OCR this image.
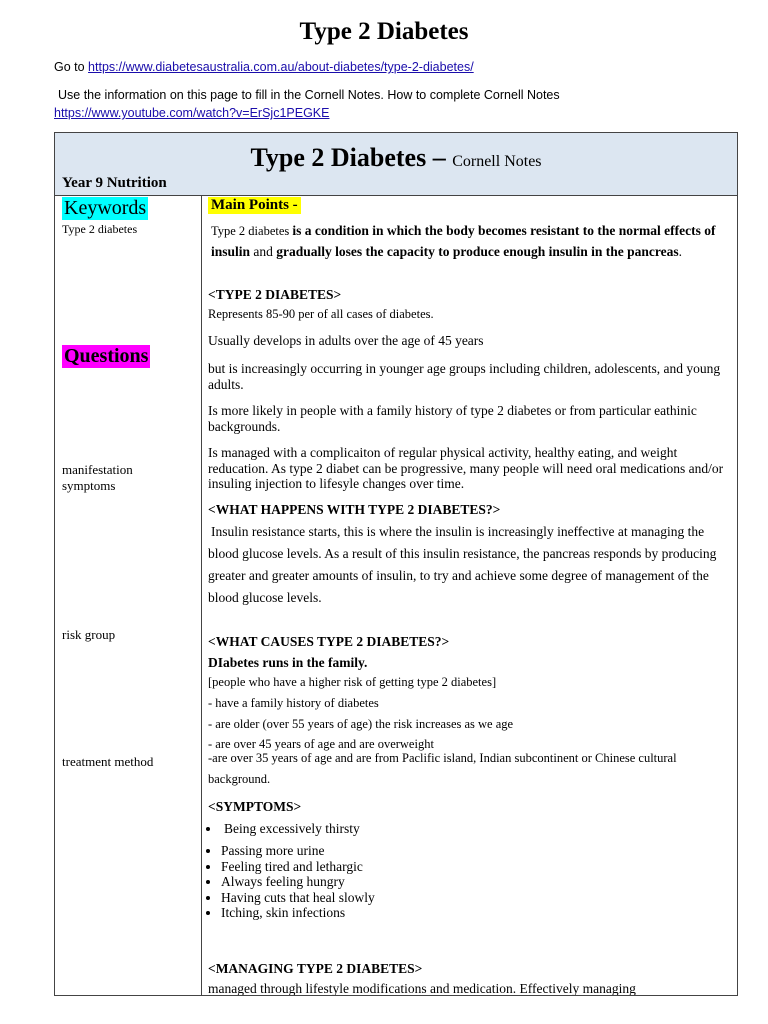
Type 2 Diabetes
Go to https://www.diabetesaustralia.com.au/about-diabetes/type-2-diabetes/
Use the information on this page to fill in the Cornell Notes. How to complete Cornell Notes
https://www.youtube.com/watch?v=ErSjc1PEGKE
Type 2 Diabetes – Cornell Notes
Year 9 Nutrition
Keywords
Type 2 diabetes
Questions
manifestation
symptoms
risk group
treatment method
Main Points -
Type 2 diabetes is a condition in which the body becomes resistant to the normal effects of insulin and gradually loses the capacity to produce enough insulin in the pancreas.
<TYPE 2 DIABETES>
Represents 85-90 per of all cases of diabetes.
Usually develops in adults over the age of 45 years
but is increasingly occurring in younger age groups including children, adolescents, and young adults.
Is more likely in people with a family history of type 2 diabetes or from particular eathinic backgrounds.
Is managed with a complicaiton of regular physical activity, healthy eating, and weight reducation. As type 2 diabet can be progressive, many people will need oral medications and/or insuling injection to lifesyle changes over time.
<WHAT HAPPENS WITH TYPE 2 DIABETES?>
Insulin resistance starts, this is where the insulin is increasingly ineffective at managing the blood glucose levels. As a result of this insulin resistance, the pancreas responds by producing greater and greater amounts of insulin, to try and achieve some degree of management of the blood glucose levels.
<WHAT CAUSES TYPE 2 DIABETES?>
DIabetes runs in the family.
[people who have a higher risk of getting type 2 diabetes]
- have a family history of diabetes
- are older (over 55 years of age) the risk increases as we age
- are over 45 years of age and are overweight
-are over 35 years of age and are from Paclific island, Indian subcontinent or Chinese cultural background.
<SYMPTOMS>
• Being excessively thirsty
• Passing more urine
• Feeling tired and lethargic
• Always feeling hungry
• Having cuts that heal slowly
• Itching, skin infections
<MANAGING TYPE 2 DIABETES>
managed through lifestyle modifications and medication. Effectively managing
